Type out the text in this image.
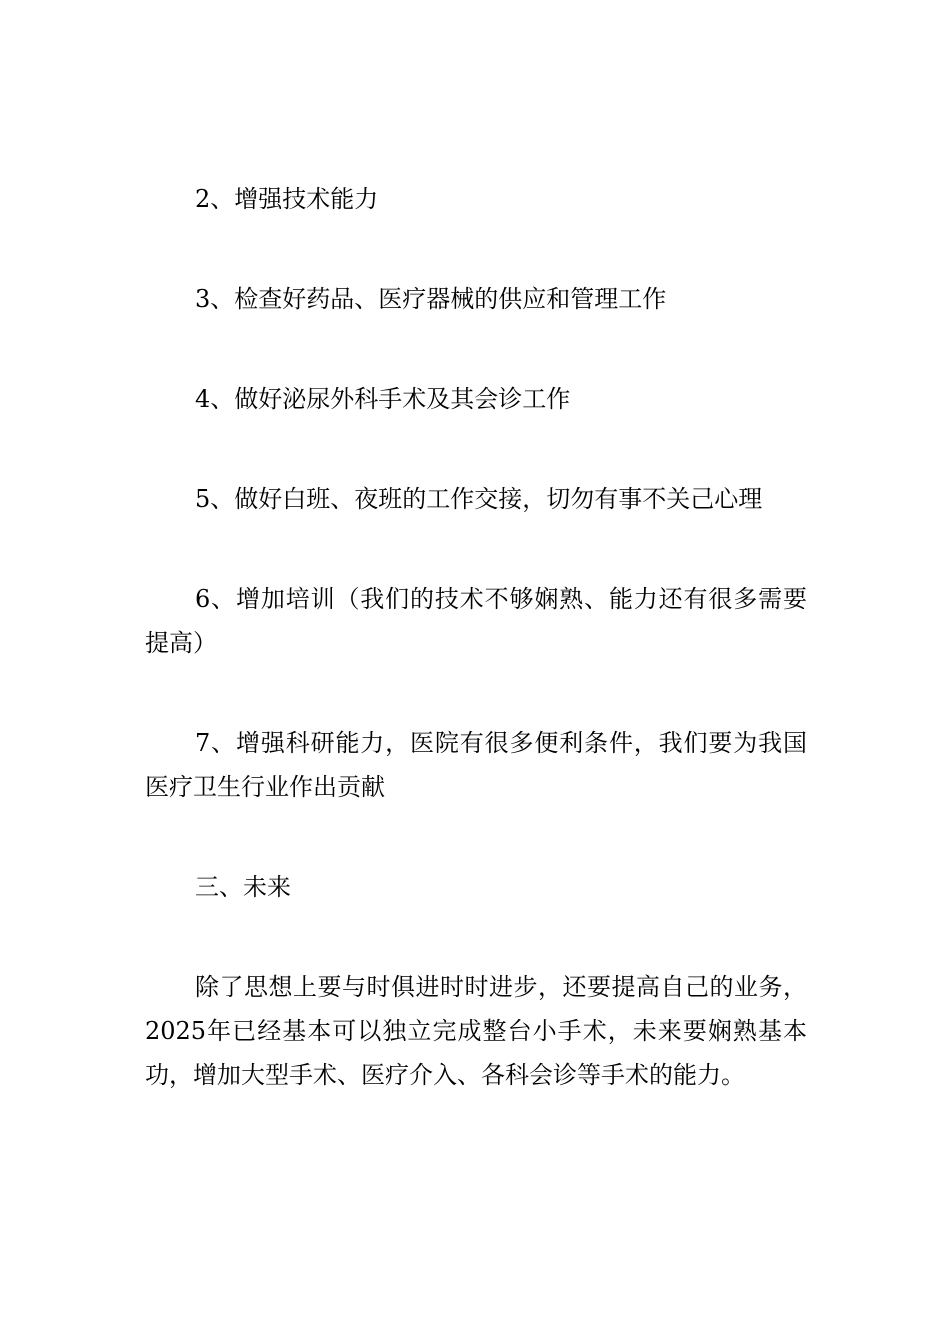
2、增强技术能力

3、检查好药品、医疗器械的供应和管理工作

4、做好泌尿外科手术及其会诊工作

5、做好白班、夜班的工作交接，切勿有事不关己心理

6、增加培训（我们的技术不够娴熟、能力还有很多需要提高）

7、增强科研能力，医院有很多便利条件，我们要为我国医疗卫生行业作出贡献

三、未来

除了思想上要与时俱进时时进步，还要提高自己的业务，2025年已经基本可以独立完成整台小手术，未来要娴熟基本功，增加大型手术、医疗介入、各科会诊等手术的能力。
